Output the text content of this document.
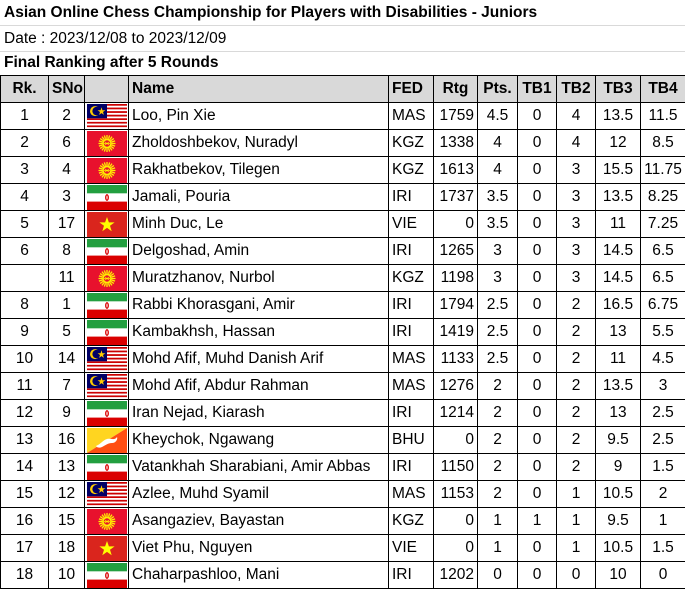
Asian Online Chess Championship for Players with Disabilities - Juniors
Date : 2023/12/08 to 2023/12/09
Final Ranking after 5 Rounds
Rk.	SNo		Name	FED	Rtg	Pts.	TB1	TB2	TB3	TB4
1	2		Loo, Pin Xie	MAS	1759	4.5	0	4	13.5	11.5
2	6		Zholdoshbekov, Nuradyl	KGZ	1338	4	0	4	12	8.5
3	4		Rakhatbekov, Tilegen	KGZ	1613	4	0	3	15.5	11.75
4	3		Jamali, Pouria	IRI	1737	3.5	0	3	13.5	8.25
5	17		Minh Duc, Le	VIE	0	3.5	0	3	11	7.25
6	8		Delgoshad, Amin	IRI	1265	3	0	3	14.5	6.5
	11		Muratzhanov, Nurbol	KGZ	1198	3	0	3	14.5	6.5
8	1		Rabbi Khorasgani, Amir	IRI	1794	2.5	0	2	16.5	6.75
9	5		Kambakhsh, Hassan	IRI	1419	2.5	0	2	13	5.5
10	14		Mohd Afif, Muhd Danish Arif	MAS	1133	2.5	0	2	11	4.5
11	7		Mohd Afif, Abdur Rahman	MAS	1276	2	0	2	13.5	3
12	9		Iran Nejad, Kiarash	IRI	1214	2	0	2	13	2.5
13	16		Kheychok, Ngawang	BHU	0	2	0	2	9.5	2.5
14	13		Vatankhah Sharabiani, Amir Abbas	IRI	1150	2	0	2	9	1.5
15	12		Azlee, Muhd Syamil	MAS	1153	2	0	1	10.5	2
16	15		Asangaziev, Bayastan	KGZ	0	1	1	1	9.5	1
17	18		Viet Phu, Nguyen	VIE	0	1	0	1	10.5	1.5
18	10		Chaharpashloo, Mani	IRI	1202	0	0	0	10	0
